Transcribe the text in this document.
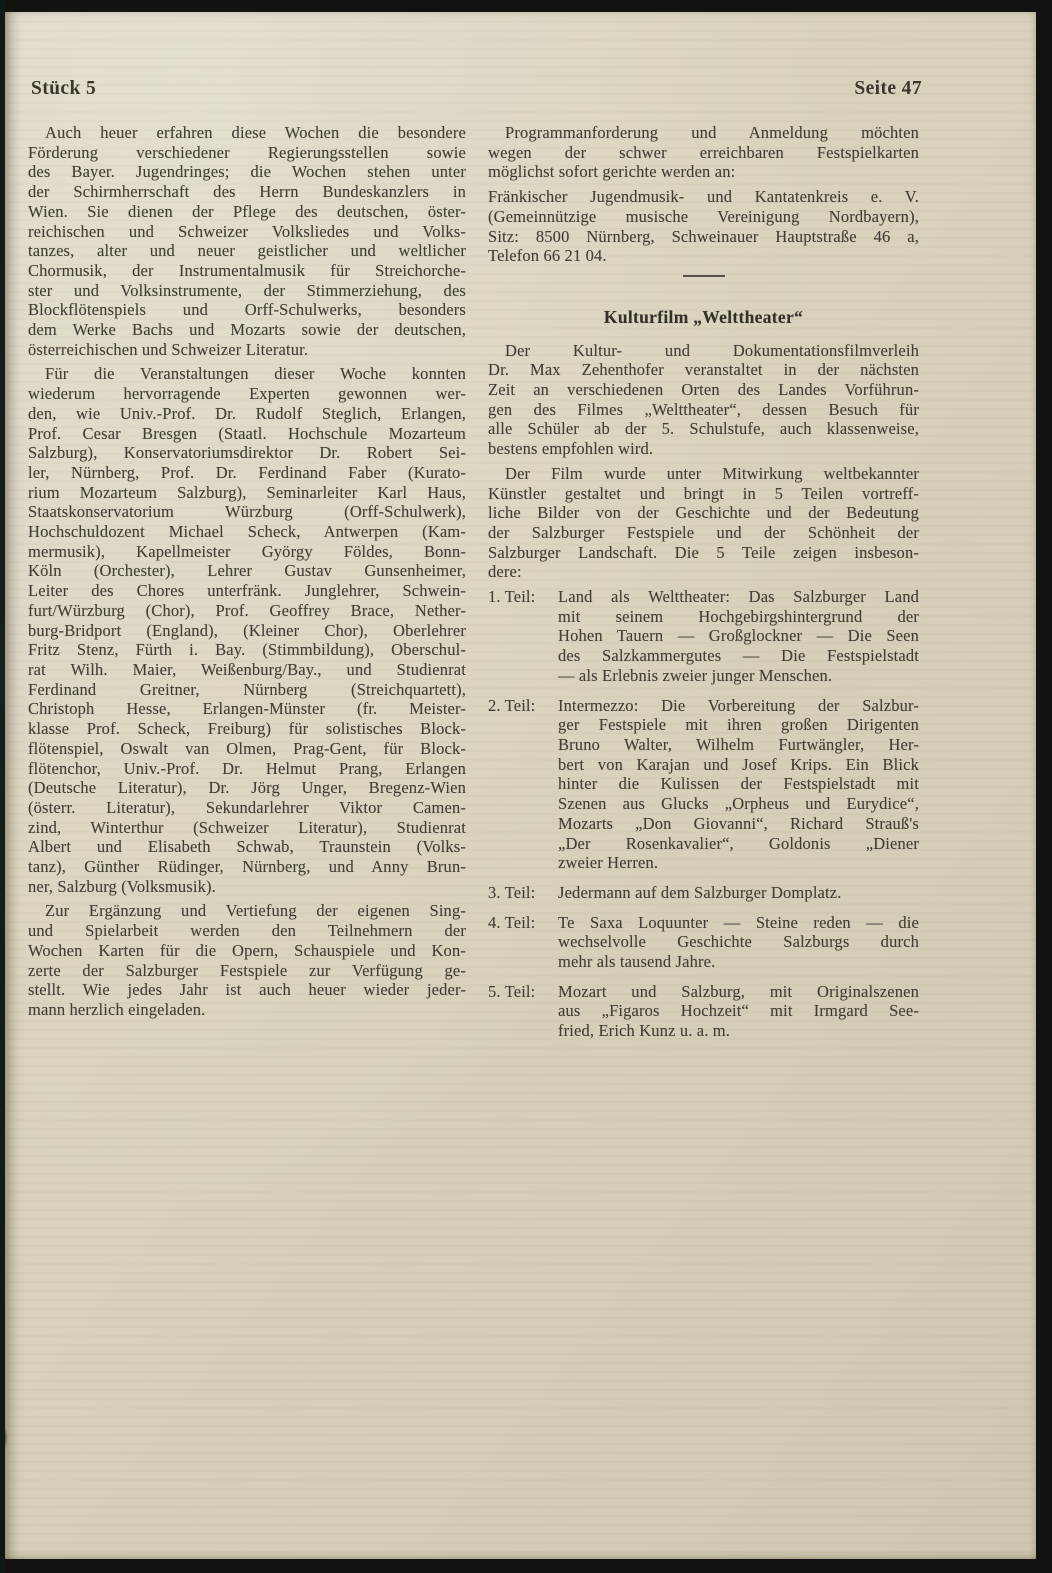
Stück 5	Seite 47
Auch heuer erfahren diese Wochen die besondere
Förderung verschiedener Regierungsstellen sowie
des Bayer. Jugendringes; die Wochen stehen unter
der Schirmherrschaft des Herrn Bundeskanzlers in
Wien. Sie dienen der Pflege des deutschen, öster-
reichischen und Schweizer Volksliedes und Volks-
tanzes, alter und neuer geistlicher und weltlicher
Chormusik, der Instrumentalmusik für Streichorche-
ster und Volksinstrumente, der Stimmerziehung, des
Blockflötenspiels und Orff-Schulwerks, besonders
dem Werke Bachs und Mozarts sowie der deutschen,
österreichischen und Schweizer Literatur.
Für die Veranstaltungen dieser Woche konnten
wiederum hervorragende Experten gewonnen wer-
den, wie Univ.-Prof. Dr. Rudolf Steglich, Erlangen,
Prof. Cesar Bresgen (Staatl. Hochschule Mozarteum
Salzburg), Konservatoriumsdirektor Dr. Robert Sei-
ler, Nürnberg, Prof. Dr. Ferdinand Faber (Kurato-
rium Mozarteum Salzburg), Seminarleiter Karl Haus,
Staatskonservatorium Würzburg (Orff-Schulwerk),
Hochschuldozent Michael Scheck, Antwerpen (Kam-
mermusik), Kapellmeister György Földes, Bonn-
Köln (Orchester), Lehrer Gustav Gunsenheimer,
Leiter des Chores unterfränk. Junglehrer, Schwein-
furt/Würzburg (Chor), Prof. Geoffrey Brace, Nether-
burg-Bridport (England), (Kleiner Chor), Oberlehrer
Fritz Stenz, Fürth i. Bay. (Stimmbildung), Oberschul-
rat Wilh. Maier, Weißenburg/Bay., und Studienrat
Ferdinand Greitner, Nürnberg (Streichquartett),
Christoph Hesse, Erlangen-Münster (fr. Meister-
klasse Prof. Scheck, Freiburg) für solistisches Block-
flötenspiel, Oswalt van Olmen, Prag-Gent, für Block-
flötenchor, Univ.-Prof. Dr. Helmut Prang, Erlangen
(Deutsche Literatur), Dr. Jörg Unger, Bregenz-Wien
(österr. Literatur), Sekundarlehrer Viktor Camen-
zind, Winterthur (Schweizer Literatur), Studienrat
Albert und Elisabeth Schwab, Traunstein (Volks-
tanz), Günther Rüdinger, Nürnberg, und Anny Brun-
ner, Salzburg (Volksmusik).
Zur Ergänzung und Vertiefung der eigenen Sing-
und Spielarbeit werden den Teilnehmern der
Wochen Karten für die Opern, Schauspiele und Kon-
zerte der Salzburger Festspiele zur Verfügung ge-
stellt. Wie jedes Jahr ist auch heuer wieder jeder-
mann herzlich eingeladen.
Programmanforderung und Anmeldung möchten
wegen der schwer erreichbaren Festspielkarten
möglichst sofort gerichte werden an:
Fränkischer Jugendmusik- und Kantatenkreis e. V.
(Gemeinnützige musische Vereinigung Nordbayern),
Sitz: 8500 Nürnberg, Schweinauer Hauptstraße 46 a,
Telefon 66 21 04.
Kulturfilm „Welttheater“
Der Kultur- und Dokumentationsfilmverleih
Dr. Max Zehenthofer veranstaltet in der nächsten
Zeit an verschiedenen Orten des Landes Vorführun-
gen des Filmes „Welttheater“, dessen Besuch für
alle Schüler ab der 5. Schulstufe, auch klassenweise,
bestens empfohlen wird.
Der Film wurde unter Mitwirkung weltbekannter
Künstler gestaltet und bringt in 5 Teilen vortreff-
liche Bilder von der Geschichte und der Bedeutung
der Salzburger Festspiele und der Schönheit der
Salzburger Landschaft. Die 5 Teile zeigen insbeson-
dere:
1. Teil:	Land als Welttheater: Das Salzburger Land
mit seinem Hochgebirgshintergrund der
Hohen Tauern — Großglockner — Die Seen
des Salzkammergutes — Die Festspielstadt
— als Erlebnis zweier junger Menschen.
2. Teil:	Intermezzo: Die Vorbereitung der Salzbur-
ger Festspiele mit ihren großen Dirigenten
Bruno Walter, Wilhelm Furtwängler, Her-
bert von Karajan und Josef Krips. Ein Blick
hinter die Kulissen der Festspielstadt mit
Szenen aus Glucks „Orpheus und Eurydice“,
Mozarts „Don Giovanni“, Richard Strauß's
„Der Rosenkavalier“, Goldonis „Diener
zweier Herren.
3. Teil:	Jedermann auf dem Salzburger Domplatz.
4. Teil:	Te Saxa Loquunter — Steine reden — die
wechselvolle Geschichte Salzburgs durch
mehr als tausend Jahre.
5. Teil:	Mozart und Salzburg, mit Originalszenen
aus „Figaros Hochzeit“ mit Irmgard See-
fried, Erich Kunz u. a. m.
